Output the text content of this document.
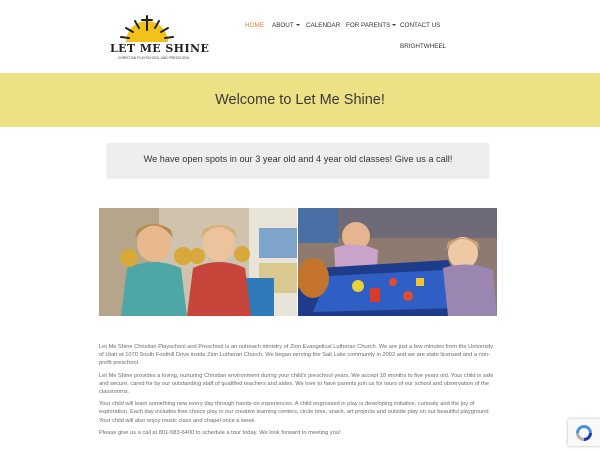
LET ME SHINE
CHRISTIAN PLAYSCHOOL AND PRESCHOOL
HOME ABOUT	CALENDAR FOR PARENTS	CONTACT US
BRIGHTWHEEL
Welcome to Let Me Shine!
We have open spots in our 3 year old and 4 year old classes! Give us a call!

Let Me Shine Christian Playschool and Preschool is an outreach ministry of Zion Evangelical Lutheran Church. We are just a few minutes from the University of Utah at 1070 South Foothill Drive inside Zion Lutheran Church. We began serving the Salt Lake community in 2002 and we are state licensed and a non-profit preschool.

Let Me Shine provides a loving, nurturing Christian environment during your child's preschool years. We accept 18 months to five years old. Your child is safe and secure, cared for by our outstanding staff of qualified teachers and aides. We love to have parents join us for tours of our school and observation of the classrooms.

Your child will learn something new every day through hands-on experiences. A child engrossed in play is developing initiative, curiosity and the joy of exploration. Each day includes free choice play in our creative learning centers, circle time, snack, art projects and outside play on our beautiful playground. Your child will also enjoy music class and chapel once a week.

Please give us a call at 801-583-6400 to schedule a tour today. We look forward to meeting you!
